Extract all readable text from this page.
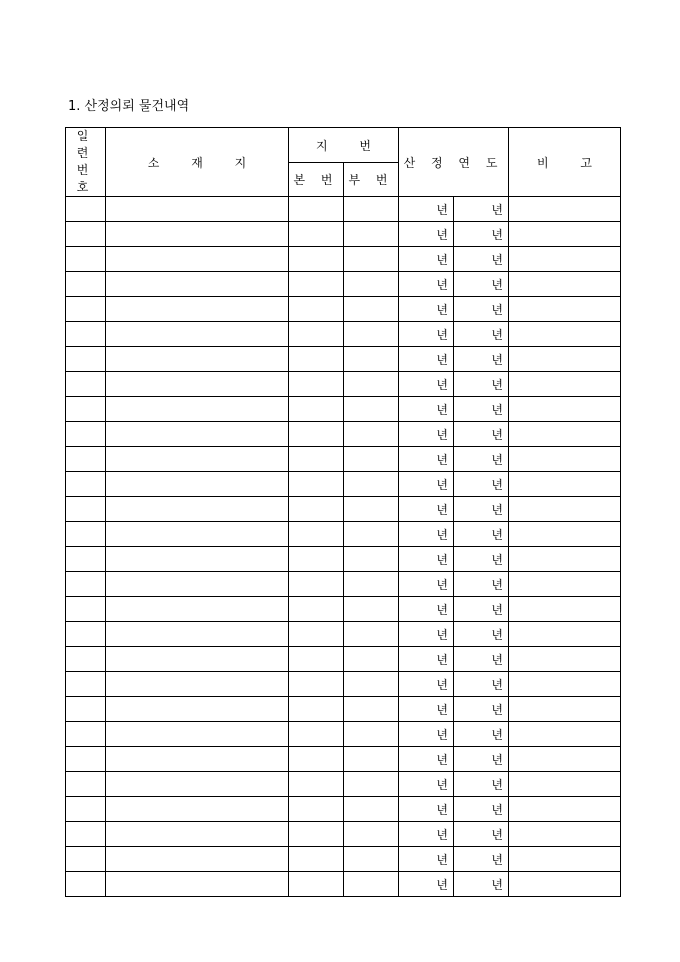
1. 산정의뢰 물건내역
일 련
번 호	소 재 지	지 번		산 정 연 도		비 고
		본 번	부 번			

				년	년	

				년	년	

				년	년	

				년	년	

				년	년	

				년	년	

				년	년	

				년	년	

				년	년	

				년	년	

				년	년	

				년	년	

				년	년	

				년	년	

				년	년	

				년	년	

				년	년	

				년	년	

				년	년	

				년	년	

				년	년	

				년	년	

				년	년	

				년	년	

				년	년	

				년	년	

				년	년	

				년	년	
